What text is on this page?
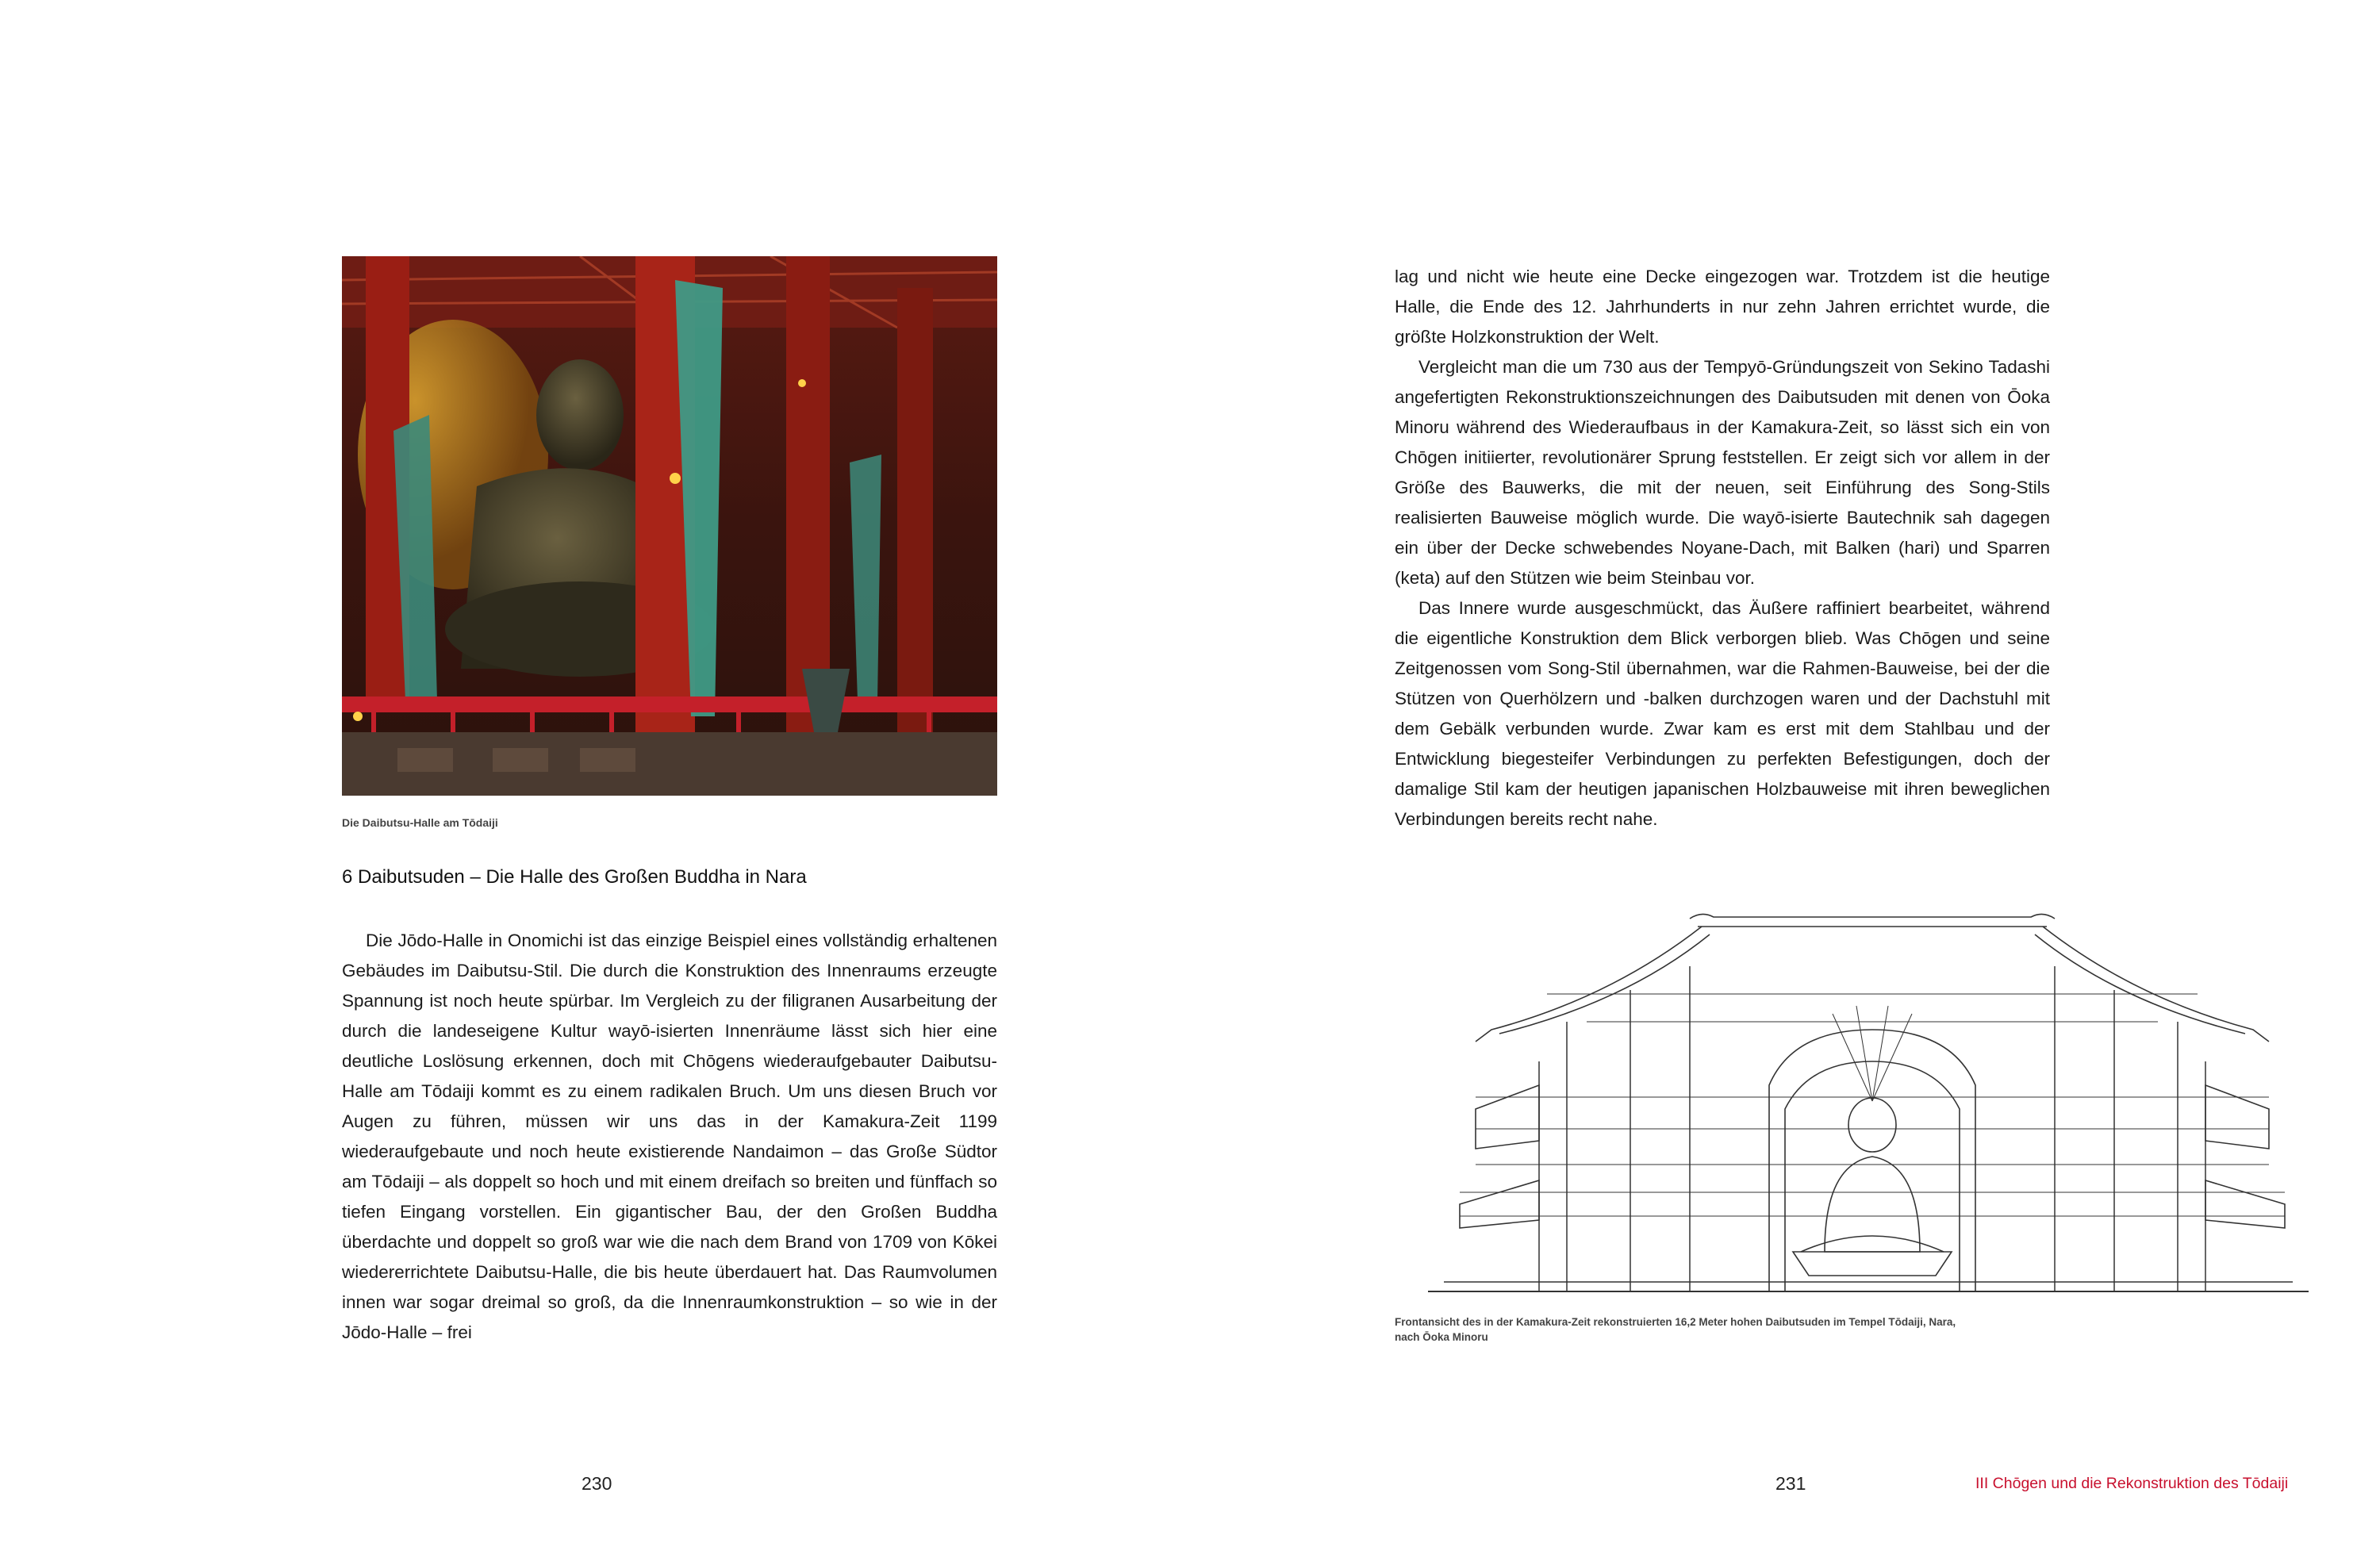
Die Daibutsu-Halle am Tōdaiji
6 Daibutsuden – Die Halle des Großen Buddha in Nara

Die Jōdo-Halle in Onomichi ist das einzige Beispiel eines vollständig erhaltenen Gebäudes im Daibutsu-Stil. Die durch die Konstruktion des Innenraums erzeugte Spannung ist noch heute spürbar. Im Vergleich zu der filigranen Ausarbeitung der durch die landeseigene Kultur wayō-isierten Innenräume lässt sich hier eine deutliche Loslösung erkennen, doch mit Chōgens wiederaufgebauter Daibutsu-Halle am Tōdaiji kommt es zu einem radikalen Bruch. Um uns diesen Bruch vor Augen zu führen, müssen wir uns das in der Kamakura-Zeit 1199 wiederaufgebaute und noch heute existierende Nandaimon – das Große Südtor am Tōdaiji – als doppelt so hoch und mit einem dreifach so breiten und fünffach so tiefen Eingang vorstellen. Ein gigantischer Bau, der den Großen Buddha überdachte und doppelt so groß war wie die nach dem Brand von 1709 von Kōkei wiedererrichtete Daibutsu-Halle, die bis heute überdauert hat. Das Raumvolumen innen war sogar dreimal so groß, da die Innenraumkonstruktion – so wie in der Jōdo-Halle – frei

230

lag und nicht wie heute eine Decke eingezogen war. Trotzdem ist die heutige Halle, die Ende des 12. Jahrhunderts in nur zehn Jahren errichtet wurde, die größte Holzkonstruktion der Welt.

Vergleicht man die um 730 aus der Tempyō-Gründungszeit von Sekino Tadashi angefertigten Rekonstruktionszeichnungen des Daibutsuden mit denen von Ōoka Minoru während des Wiederaufbaus in der Kamakura-Zeit, so lässt sich ein von Chōgen initiierter, revolutionärer Sprung feststellen. Er zeigt sich vor allem in der Größe des Bauwerks, die mit der neuen, seit Einführung des Song-Stils realisierten Bauweise möglich wurde. Die wayō-isierte Bautechnik sah dagegen ein über der Decke schwebendes Noyane-Dach, mit Balken (hari) und Sparren (keta) auf den Stützen wie beim Steinbau vor.

Das Innere wurde ausgeschmückt, das Äußere raffiniert bearbeitet, während die eigentliche Konstruktion dem Blick verborgen blieb. Was Chōgen und seine Zeitgenossen vom Song-Stil übernahmen, war die Rahmen-Bauweise, bei der die Stützen von Querhölzern und -balken durchzogen waren und der Dachstuhl mit dem Gebälk verbunden wurde. Zwar kam es erst mit dem Stahlbau und der Entwicklung biegesteifer Verbindungen zu perfekten Befestigungen, doch der damalige Stil kam der heutigen japanischen Holzbauweise mit ihren beweglichen Verbindungen bereits recht nahe.

Frontansicht des in der Kamakura-Zeit rekonstruierten 16,2 Meter hohen Daibutsuden im Tempel Tōdaiji, Nara,
nach Ōoka Minoru
231	III Chōgen und die Rekonstruktion des Tōdaiji
